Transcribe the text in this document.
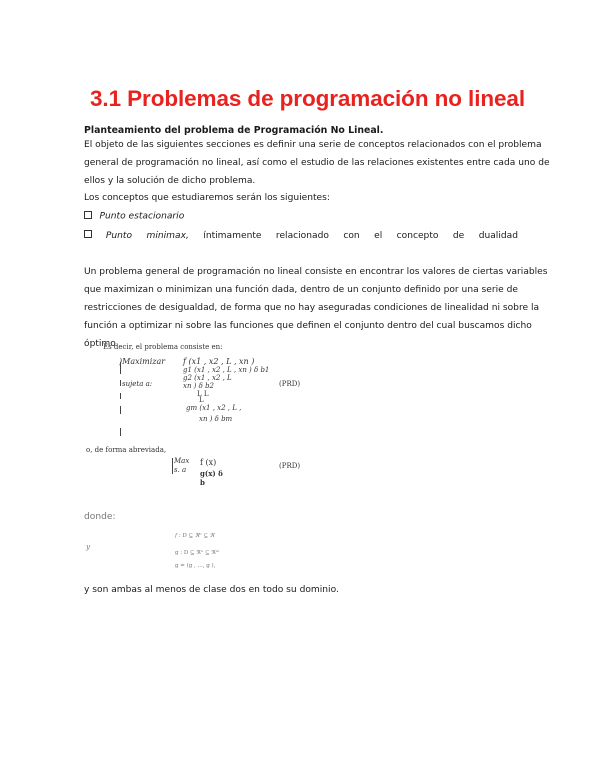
3.1 Problemas de programación no lineal
Planteamiento del problema de Programación No Lineal.
El objeto de las siguientes secciones es definir una serie de conceptos relacionados con el problema
general de programación no lineal, así como el estudio de las relaciones existentes entre cada uno de
ellos y la solución de dicho problema.
Los conceptos que estudiaremos serán los siguientes:
Punto estacionario
Punto minimax, íntimamente relacionado con el concepto de dualidad
Un problema general de programación no lineal consiste en encontrar los valores de ciertas variables
que maximizan o minimizan una función dada, dentro de un conjunto definido por una serie de
restricciones de desigualdad, de forma que no hay aseguradas condiciones de linealidad ni sobre la
función a optimizar ni sobre las funciones que definen el conjunto dentro del cual buscamos dicho
óptimo.
Es decir, el problema consiste en:
)Maximizar f (x1 , x2 , L , xn )
g1 (x1 , x2 , L , xn ) δ b1
g2 (x1 , x2 , L
xn ) δ b2
sujeta a:
L L
L
gm (x1 , x2 , L ,
xn ) δ bm
(PRD)
o, de forma abreviada,
Max
s. a
f (x)
g(x) δ
b
(PRD)
donde:
f : D ⊆ ℜⁿ ⊆ ℜ
y
g : D ⊆ ℜⁿ ⊆ ℜᵐ
g = (g , ..., g ),
y son ambas al menos de clase dos en todo su dominio.
